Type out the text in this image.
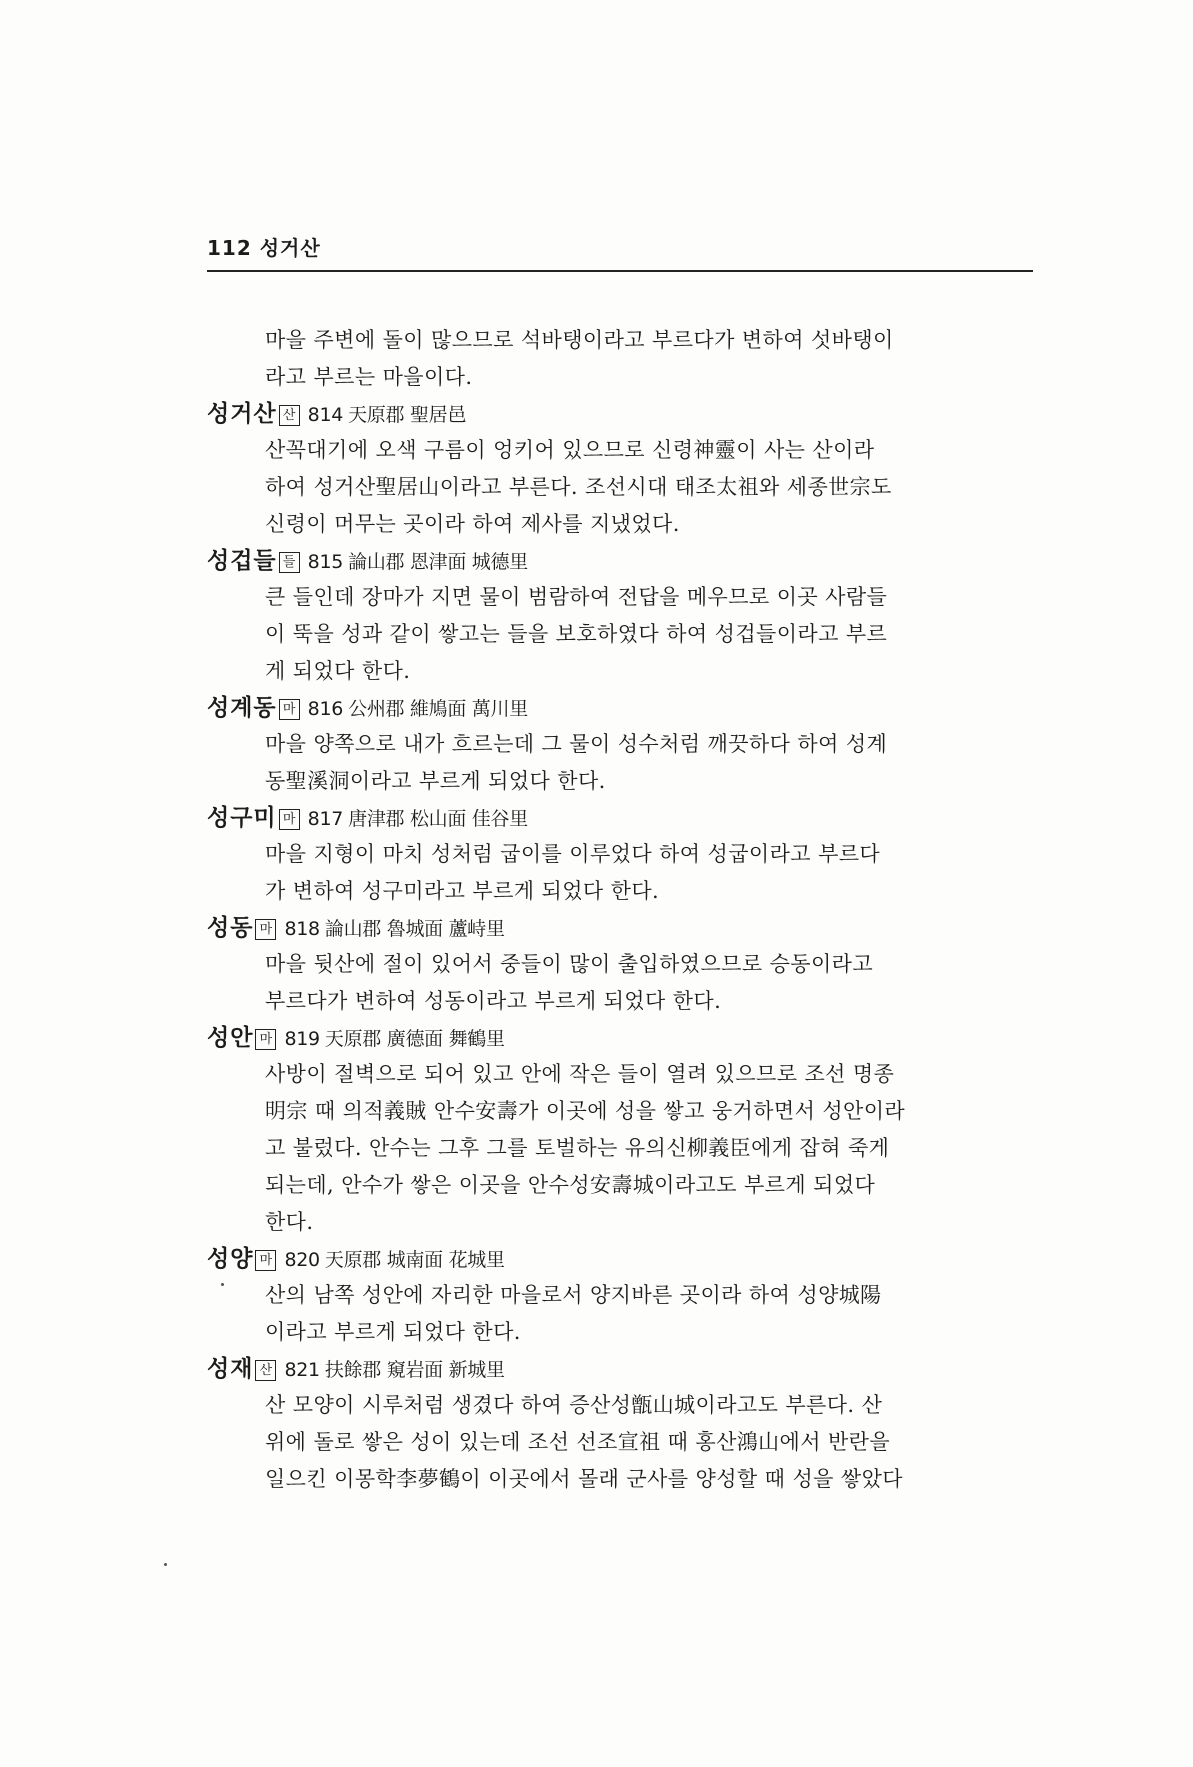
112 성거산
마을 주변에 돌이 많으므로 석바탱이라고 부르다가 변하여 섯바탱이
라고 부르는 마을이다.
성거산 산 814 天原郡 聖居邑
산꼭대기에 오색 구름이 엉키어 있으므로 신령神靈이 사는 산이라
하여 성거산聖居山이라고 부른다. 조선시대 태조太祖와 세종世宗도
신령이 머무는 곳이라 하여 제사를 지냈었다.
성겁들 들 815 論山郡 恩津面 城德里
큰 들인데 장마가 지면 물이 범람하여 전답을 메우므로 이곳 사람들
이 뚝을 성과 같이 쌓고는 들을 보호하였다 하여 성겁들이라고 부르
게 되었다 한다.
성계동 마 816 公州郡 維鳩面 萬川里
마을 양쪽으로 내가 흐르는데 그 물이 성수처럼 깨끗하다 하여 성계
동聖溪洞이라고 부르게 되었다 한다.
성구미 마 817 唐津郡 松山面 佳谷里
마을 지형이 마치 성처럼 굽이를 이루었다 하여 성굽이라고 부르다
가 변하여 성구미라고 부르게 되었다 한다.
성동 마 818 論山郡 魯城面 蘆峙里
마을 뒷산에 절이 있어서 중들이 많이 출입하였으므로 승동이라고
부르다가 변하여 성동이라고 부르게 되었다 한다.
성안 마 819 天原郡 廣德面 舞鶴里
사방이 절벽으로 되어 있고 안에 작은 들이 열려 있으므로 조선 명종
明宗 때 의적義賊 안수安壽가 이곳에 성을 쌓고 웅거하면서 성안이라
고 불렀다. 안수는 그후 그를 토벌하는 유의신柳義臣에게 잡혀 죽게
되는데, 안수가 쌓은 이곳을 안수성安壽城이라고도 부르게 되었다
한다.
성양 마 820 天原郡 城南面 花城里
산의 남쪽 성안에 자리한 마을로서 양지바른 곳이라 하여 성양城陽
이라고 부르게 되었다 한다.
성재 산 821 扶餘郡 窺岩面 新城里
산 모양이 시루처럼 생겼다 하여 증산성甑山城이라고도 부른다. 산
위에 돌로 쌓은 성이 있는데 조선 선조宣祖 때 홍산鴻山에서 반란을
일으킨 이몽학李夢鶴이 이곳에서 몰래 군사를 양성할 때 성을 쌓았다
